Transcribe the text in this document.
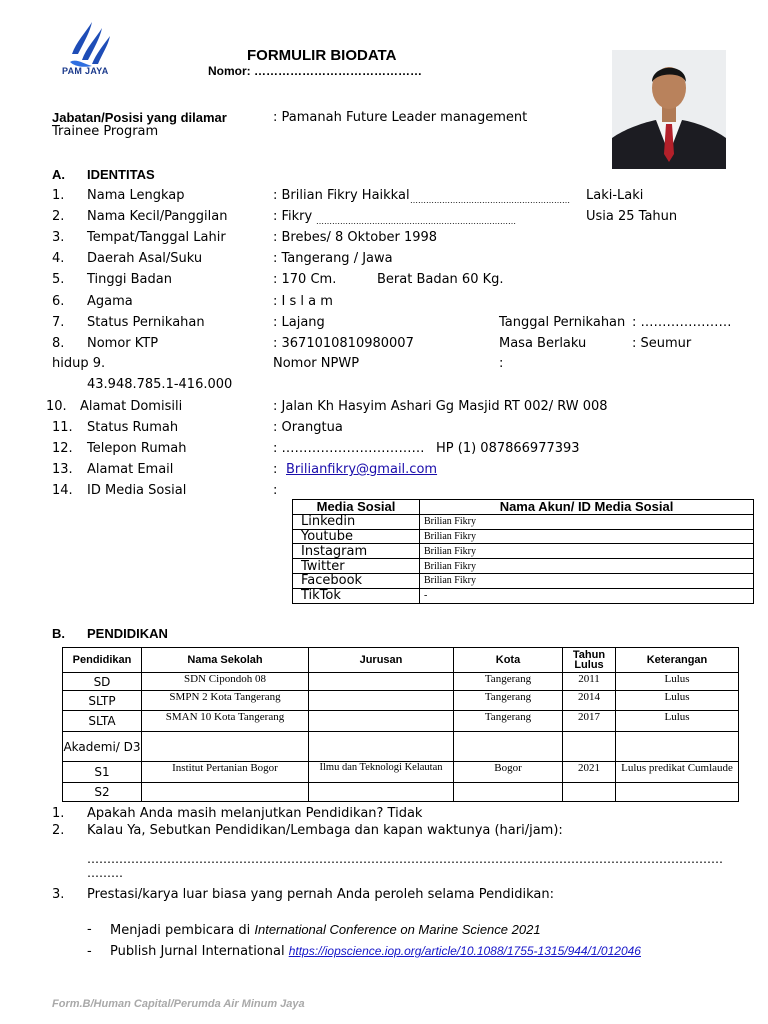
PAM JAYA
FORMULIR BIODATA
Nomor: ……………………………………
Jabatan/Posisi yang dilamar
Trainee Program
: Pamanah Future Leader management
A. IDENTITAS
1. Nama Lengkap	: Brilian Fikry Haikkal …………………………………………………… Laki-Laki
2. Nama Kecil/Panggilan	: Fikry …………………………………………………………………	Usia 25 Tahun
3. Tempat/Tanggal Lahir	: Brebes/ 8 Oktober 1998
4. Daerah Asal/Suku	: Tangerang / Jawa
5. Tinggi Badan	: 170 Cm.	Berat Badan 60 Kg.
6. Agama	: I s l a m
7. Status Pernikahan	: Lajang	Tanggal Pernikahan : …………………
8. Nomor KTP	: 3671010810980007	Masa Berlaku	: Seumur
hidup 9.	Nomor NPWP	:
43.948.785.1-416.000
10. Alamat Domisili	: Jalan Kh Hasyim Ashari Gg Masjid RT 002/ RW 008
11. Status Rumah	: Orangtua
12. Telepon Rumah	: …………………………… HP (1) 087866977393
13. Alamat Email	: Brilianfikry@gmail.com
14. ID Media Sosial	:
Media Sosial	Nama Akun/ ID Media Sosial
Linkedin	Brilian Fikry
Youtube	Brilian Fikry
Instagram	Brilian Fikry
Twitter	Brilian Fikry
Facebook	Brilian Fikry
TikTok	-
B. PENDIDIKAN
Pendidikan	Nama Sekolah	Jurusan	Kota	Tahun Lulus	Keterangan
SD	SDN Cipondoh 08		Tangerang	2011	Lulus
SLTP	SMPN 2 Kota Tangerang		Tangerang	2014	Lulus
SLTA	SMAN 10 Kota Tangerang		Tangerang	2017	Lulus
Akademi/ D3					
S1	Institut Pertanian Bogor	Ilmu dan Teknologi Kelautan	Bogor	2021	Lulus predikat Cumlaude
S2					
1. Apakah Anda masih melanjutkan Pendidikan? Tidak
2. Kalau Ya, Sebutkan Pendidikan/Lembaga dan kapan waktunya (hari/jam):
……………………………………………………………………………………………………………………………………………
………
3. Prestasi/karya luar biasa yang pernah Anda peroleh selama Pendidikan:
- Menjadi pembicara di International Conference on Marine Science 2021
- Publish Jurnal International https://iopscience.iop.org/article/10.1088/1755-1315/944/1/012046
Form.B/Human Capital/Perumda Air Minum Jaya
